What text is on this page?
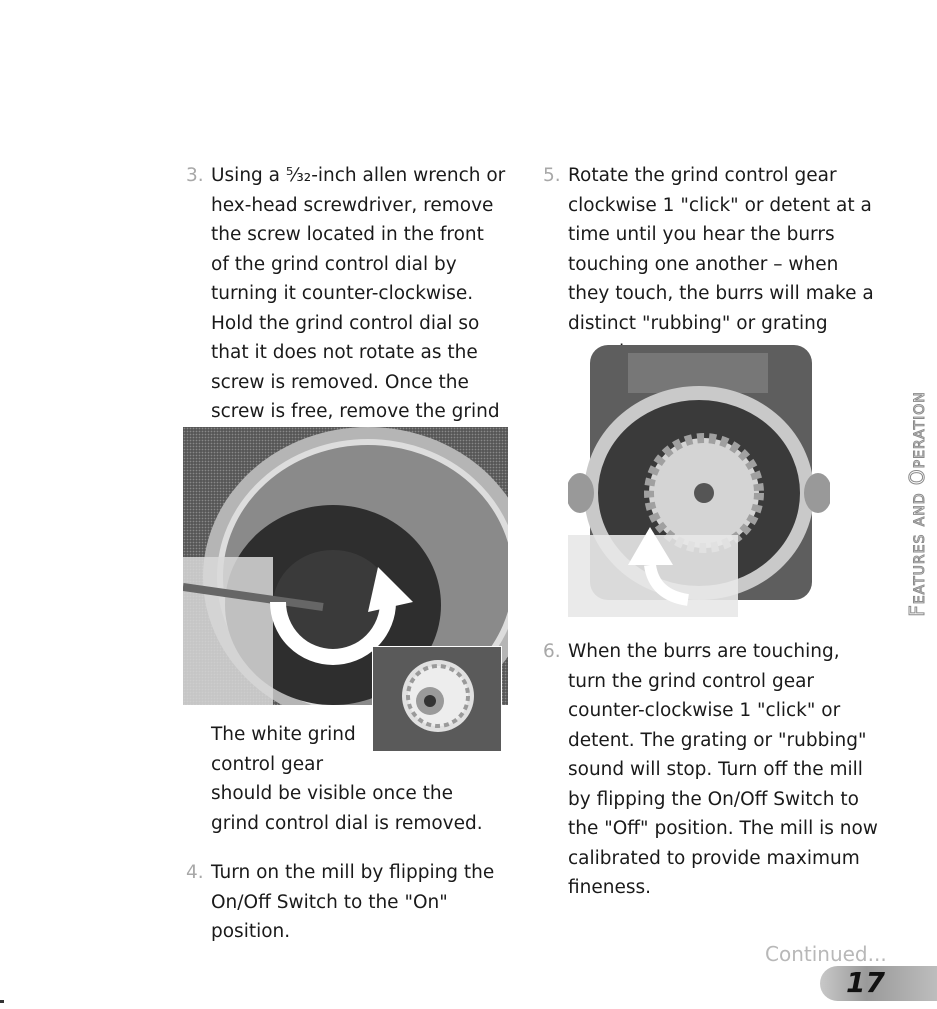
3. Using a ⁵⁄₃₂-inch allen wrench or hex-head screwdriver, remove the screw located in the front of the grind control dial by turning it counter-clockwise. Hold the grind control dial so that it does not rotate as the screw is removed. Once the screw is free, remove the grind
The white grind control gear
should be visible once the grind control dial is removed.
4. Turn on the mill by flipping the On/Off Switch to the "On" position.
5. Rotate the grind control gear clockwise 1 "click" or detent at a time until you hear the burrs touching one another – when they touch, the burrs will make a distinct "rubbing" or grating
6. When the burrs are touching, turn the grind control gear counter-clockwise 1 "click" or detent. The grating or "rubbing" sound will stop. Turn off the mill by flipping the On/Off Switch to the "Off" position. The mill is now calibrated to provide maximum fineness.
Features and Operation
Continued...
17
